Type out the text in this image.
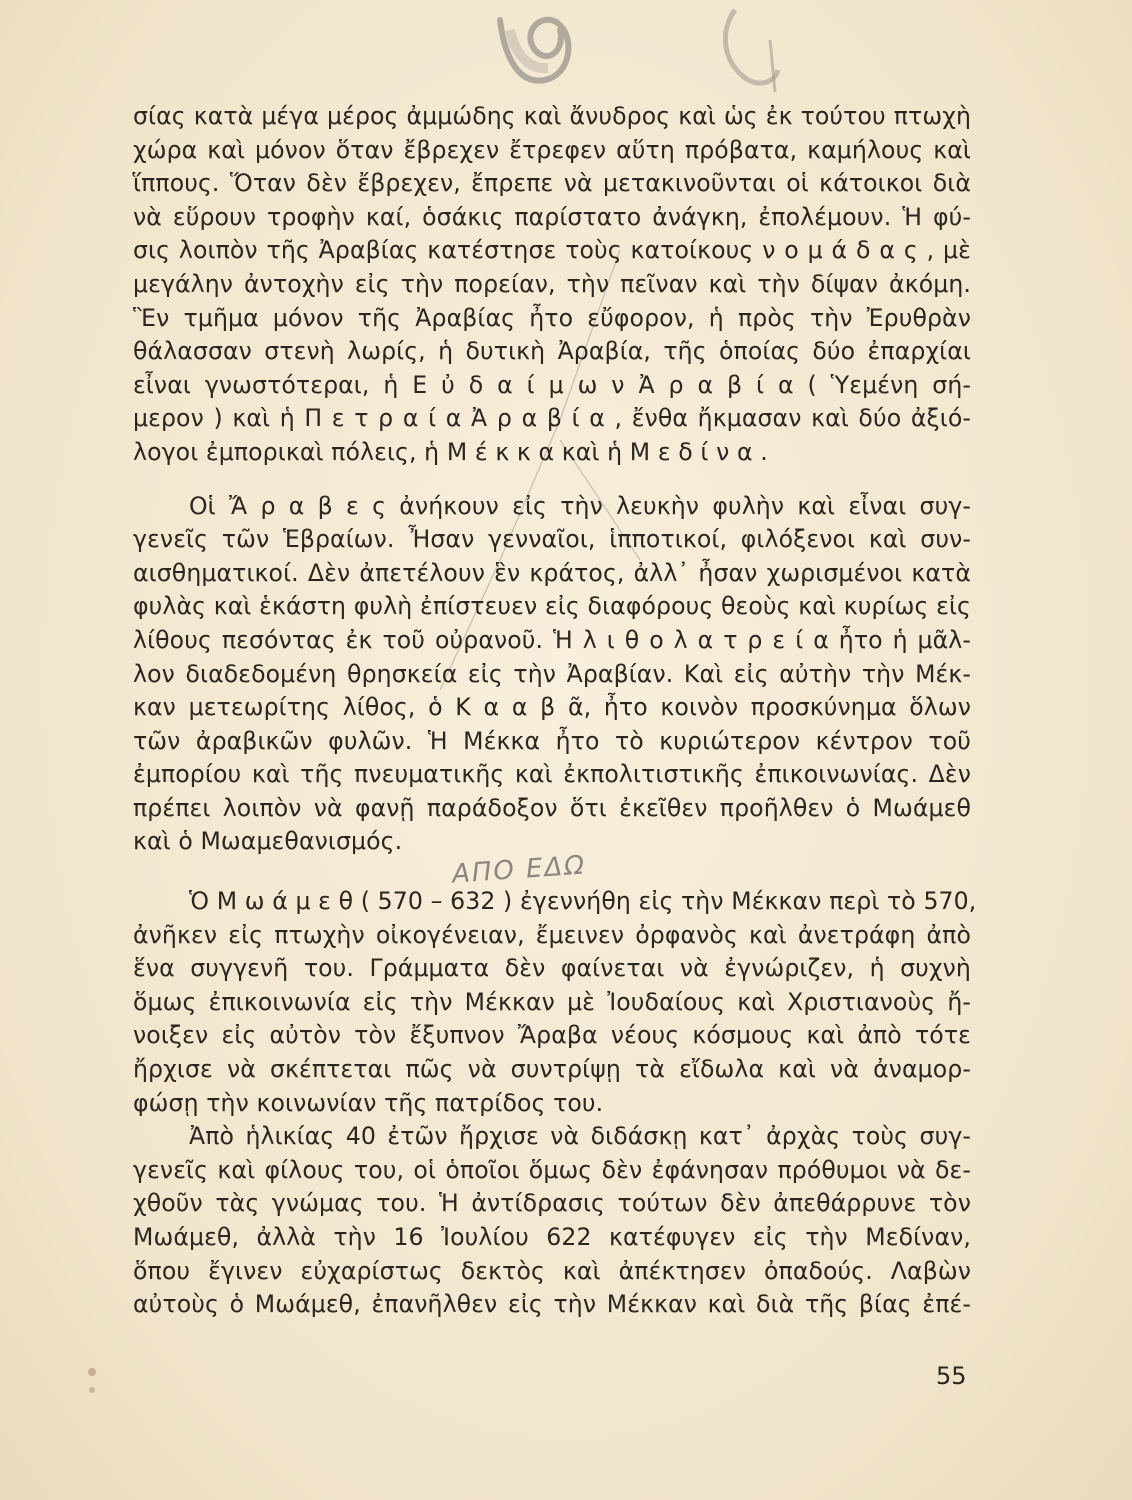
σίας κατὰ μέγα μέρος ἀμμώδης καὶ ἄνυδρος καὶ ὡς ἐκ τούτου πτωχὴ
χώρα καὶ μόνον ὅταν ἔβρεχεν ἔτρεφεν αὕτη πρόβατα, καμήλους καὶ
ἵππους. Ὅταν δὲν ἔβρεχεν, ἔπρεπε νὰ μετακινοῦνται οἱ κάτοικοι διὰ
νὰ εὕρουν τροφὴν καί, ὁσάκις παρίστατο ἀνάγκη, ἐπολέμουν. Ἡ φύ-
σις λοιπὸν τῆς Ἀραβίας κατέστησε τοὺς κατοίκους ν ο μ ά δ α ς , μὲ
μεγάλην ἀντοχὴν εἰς τὴν πορείαν, τὴν πεῖναν καὶ τὴν δίψαν ἀκόμη.
Ἓν τμῆμα μόνον τῆς Ἀραβίας ἦτο εὔφορον, ἡ πρὸς τὴν Ἐρυθρὰν
θάλασσαν στενὴ λωρίς, ἡ δυτικὴ Ἀραβία, τῆς ὁποίας δύο ἐπαρχίαι
εἶναι γνωστότεραι, ἡ Ε ὐ δ α ί μ ω ν Ἀ ρ α β ί α ( Ὑεμένη σή-
μερον ) καὶ ἡ Π ε τ ρ α ί α Ἀ ρ α β ί α , ἔνθα ἤκμασαν καὶ δύο ἀξιό-
λογοι ἐμπορικαὶ πόλεις, ἡ Μ έ κ κ α καὶ ἡ Μ ε δ ί ν α .
Οἱ Ἄ ρ α β ε ς ἀνήκουν εἰς τὴν λευκὴν φυλὴν καὶ εἶναι συγ-
γενεῖς τῶν Ἑβραίων. Ἦσαν γενναῖοι, ἱπποτικοί, φιλόξενοι καὶ συν-
αισθηματικοί. Δὲν ἀπετέλουν ἓν κράτος, ἀλλ᾿ ἦσαν χωρισμένοι κατὰ
φυλὰς καὶ ἑκάστη φυλὴ ἐπίστευεν εἰς διαφόρους θεοὺς καὶ κυρίως εἰς
λίθους πεσόντας ἐκ τοῦ οὐρανοῦ. Ἡ λ ι θ ο λ α τ ρ ε ί α ἦτο ἡ μᾶλ-
λον διαδεδομένη θρησκεία εἰς τὴν Ἀραβίαν. Καὶ εἰς αὐτὴν τὴν Μέκ-
καν μετεωρίτης λίθος, ὁ Κ α α β ᾶ, ἦτο κοινὸν προσκύνημα ὅλων
τῶν ἀραβικῶν φυλῶν. Ἡ Μέκκα ἦτο τὸ κυριώτερον κέντρον τοῦ
ἐμπορίου καὶ τῆς πνευματικῆς καὶ ἐκπολιτιστικῆς ἐπικοινωνίας. Δὲν
πρέπει λοιπὸν νὰ φανῇ παράδοξον ὅτι ἐκεῖθεν προῆλθεν ὁ Μωάμεθ
καὶ ὁ Μωαμεθανισμός.
Ὁ Μ ω ά μ ε θ ( 570 – 632 ) ἐγεννήθη εἰς τὴν Μέκκαν περὶ τὸ 570,
ἀνῆκεν εἰς πτωχὴν οἰκογένειαν, ἔμεινεν ὀρφανὸς καὶ ἀνετράφη ἀπὸ
ἕνα συγγενῆ του. Γράμματα δὲν φαίνεται νὰ ἐγνώριζεν, ἡ συχνὴ
ὅμως ἐπικοινωνία εἰς τὴν Μέκκαν μὲ Ἰουδαίους καὶ Χριστιανοὺς ἤ-
νοιξεν εἰς αὐτὸν τὸν ἔξυπνον Ἄραβα νέους κόσμους καὶ ἀπὸ τότε
ἤρχισε νὰ σκέπτεται πῶς νὰ συντρίψῃ τὰ εἴδωλα καὶ νὰ ἀναμορ-
φώσῃ τὴν κοινωνίαν τῆς πατρίδος του.
Ἀπὸ ἡλικίας 40 ἐτῶν ἤρχισε νὰ διδάσκῃ κατ᾿ ἀρχὰς τοὺς συγ-
γενεῖς καὶ φίλους του, οἱ ὁποῖοι ὅμως δὲν ἐφάνησαν πρόθυμοι νὰ δε-
χθοῦν τὰς γνώμας του. Ἡ ἀντίδρασις τούτων δὲν ἀπεθάρρυνε τὸν
Μωάμεθ, ἀλλὰ τὴν 16 Ἰουλίου 622 κατέφυγεν εἰς τὴν Μεδίναν,
ὅπου ἔγινεν εὐχαρίστως δεκτὸς καὶ ἀπέκτησεν ὀπαδούς. Λαβὼν
αὐτοὺς ὁ Μωάμεθ, ἐπανῆλθεν εἰς τὴν Μέκκαν καὶ διὰ τῆς βίας ἐπέ-
ΑΠΟ ΕΔΩ
55
